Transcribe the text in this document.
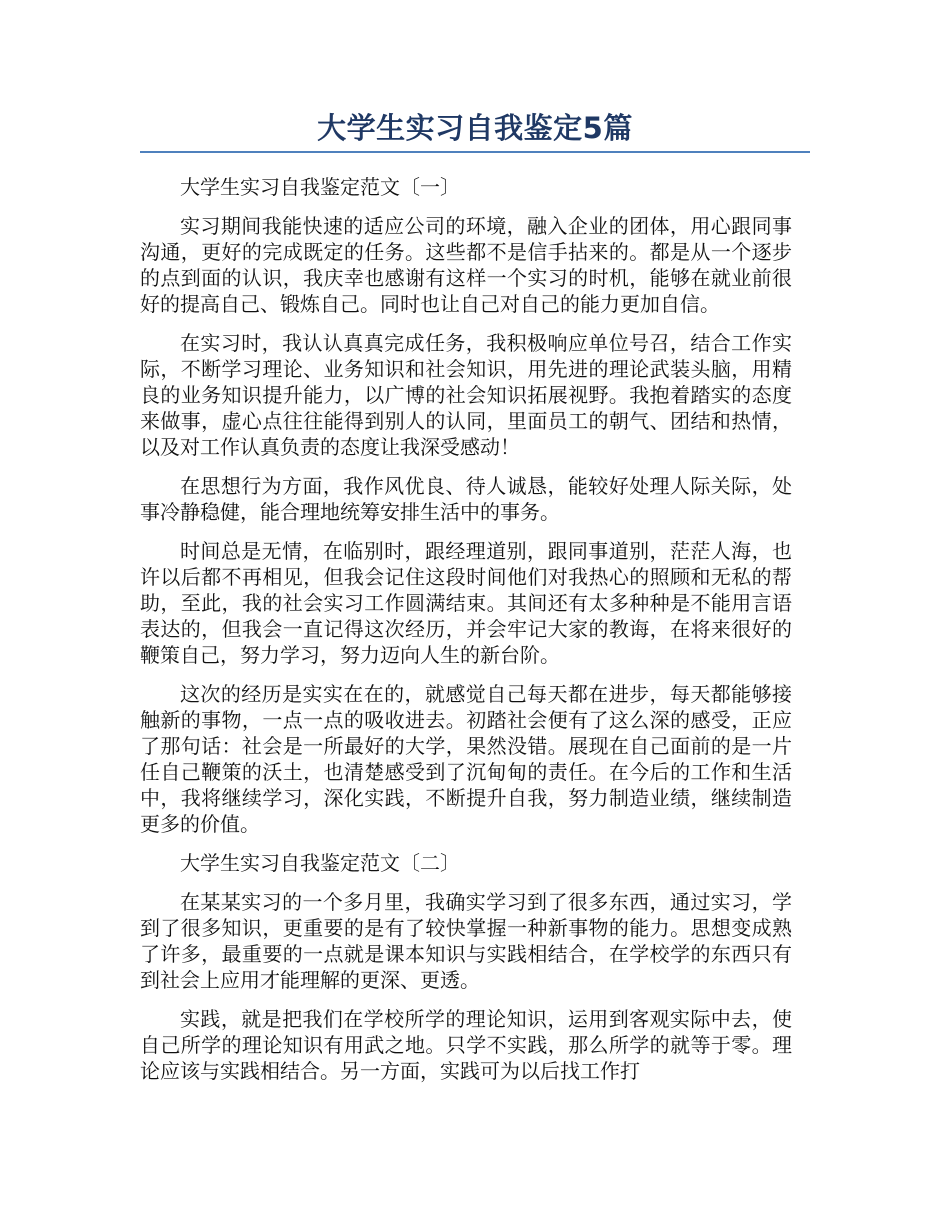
大学生实习自我鉴定5篇

大学生实习自我鉴定范文〔一〕

实习期间我能快速的适应公司的环境，融入企业的团体，用心跟同事沟通，更好的完成既定的任务。这些都不是信手拈来的。都是从一个逐步的点到面的认识，我庆幸也感谢有这样一个实习的时机，能够在就业前很好的提高自己、锻炼自己。同时也让自己对自己的能力更加自信。

在实习时，我认认真真完成任务，我积极响应单位号召，结合工作实际，不断学习理论、业务知识和社会知识，用先进的理论武装头脑，用精良的业务知识提升能力，以广博的社会知识拓展视野。我抱着踏实的态度来做事，虚心点往往能得到别人的认同，里面员工的朝气、团结和热情，以及对工作认真负责的态度让我深受感动！

在思想行为方面，我作风优良、待人诚恳，能较好处理人际关际，处事冷静稳健，能合理地统筹安排生活中的事务。

时间总是无情，在临别时，跟经理道别，跟同事道别，茫茫人海，也许以后都不再相见，但我会记住这段时间他们对我热心的照顾和无私的帮助，至此，我的社会实习工作圆满结束。其间还有太多种种是不能用言语表达的，但我会一直记得这次经历，并会牢记大家的教诲，在将来很好的鞭策自己，努力学习，努力迈向人生的新台阶。

这次的经历是实实在在的，就感觉自己每天都在进步，每天都能够接触新的事物，一点一点的吸收进去。初踏社会便有了这么深的感受，正应了那句话：社会是一所最好的大学，果然没错。展现在自己面前的是一片任自己鞭策的沃土，也清楚感受到了沉甸甸的责任。在今后的工作和生活中，我将继续学习，深化实践，不断提升自我，努力制造业绩，继续制造更多的价值。

大学生实习自我鉴定范文〔二〕

在某某实习的一个多月里，我确实学习到了很多东西，通过实习，学到了很多知识，更重要的是有了较快掌握一种新事物的能力。思想变成熟了许多，最重要的一点就是课本知识与实践相结合，在学校学的东西只有到社会上应用才能理解的更深、更透。

实践，就是把我们在学校所学的理论知识，运用到客观实际中去，使自己所学的理论知识有用武之地。只学不实践，那么所学的就等于零。理论应该与实践相结合。另一方面，实践可为以后找工作打
